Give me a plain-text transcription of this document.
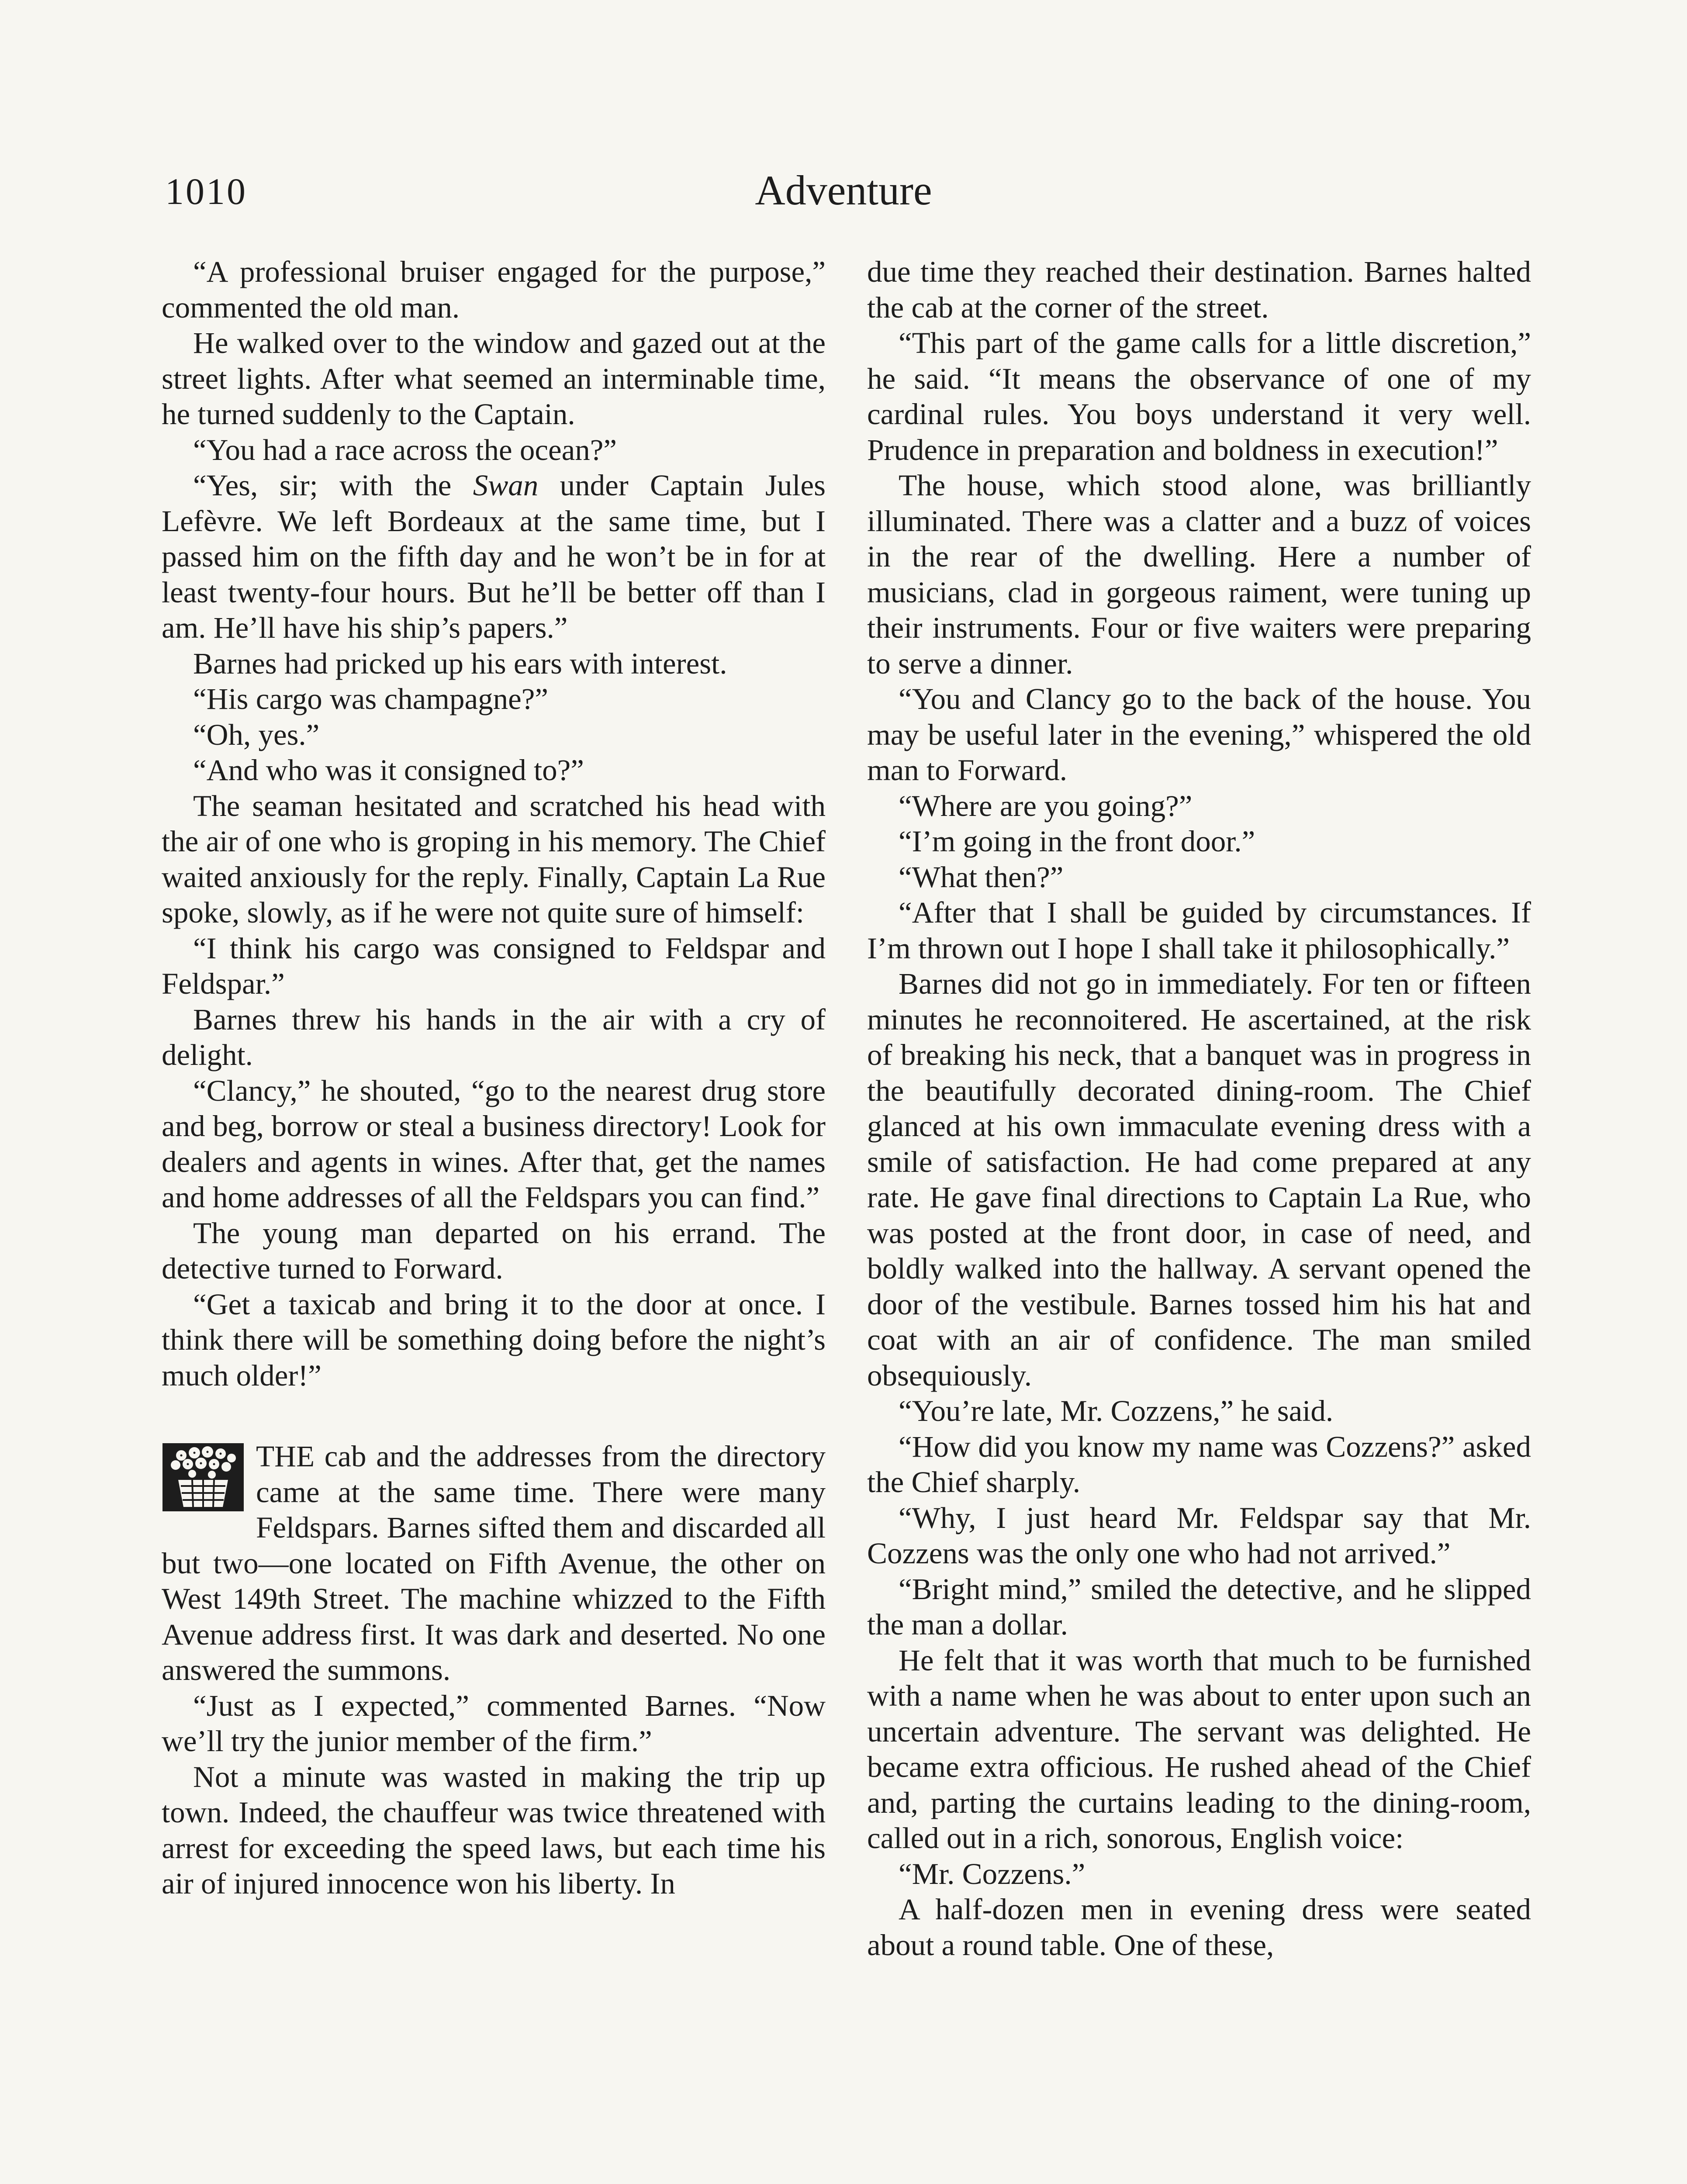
1010	Adventure

“A professional bruiser engaged for the purpose,” commented the old man.

He walked over to the window and gazed out at the street lights. After what seemed an interminable time, he turned suddenly to the Captain.

“You had a race across the ocean?”

“Yes, sir; with the Swan under Captain Jules Lefèvre. We left Bordeaux at the same time, but I passed him on the fifth day and he won’t be in for at least twenty-four hours. But he’ll be better off than I am. He’ll have his ship’s papers.”

Barnes had pricked up his ears with interest.

“His cargo was champagne?”

“Oh, yes.”

“And who was it consigned to?”

The seaman hesitated and scratched his head with the air of one who is groping in his memory. The Chief waited anxiously for the reply. Finally, Captain La Rue spoke, slowly, as if he were not quite sure of himself:

“I think his cargo was consigned to Feldspar and Feldspar.”

Barnes threw his hands in the air with a cry of delight.

“Clancy,” he shouted, “go to the nearest drug store and beg, borrow or steal a business directory! Look for dealers and agents in wines. After that, get the names and home addresses of all the Feldspars you can find.”

The young man departed on his errand. The detective turned to Forward.

“Get a taxicab and bring it to the door at once. I think there will be something doing before the night’s much older!”

THE cab and the addresses from the directory came at the same time. There were many Feldspars. Barnes sifted them and discarded all but two—one located on Fifth Avenue, the other on West 149th Street. The machine whizzed to the Fifth Avenue address first. It was dark and deserted. No one answered the summons.

“Just as I expected,” commented Barnes. “Now we’ll try the junior member of the firm.”

Not a minute was wasted in making the trip up town. Indeed, the chauffeur was twice threatened with arrest for exceeding the speed laws, but each time his air of injured innocence won his liberty. In

due time they reached their destination. Barnes halted the cab at the corner of the street.

“This part of the game calls for a little discretion,” he said. “It means the observance of one of my cardinal rules. You boys understand it very well. Prudence in preparation and boldness in execution!”

The house, which stood alone, was brilliantly illuminated. There was a clatter and a buzz of voices in the rear of the dwelling. Here a number of musicians, clad in gorgeous raiment, were tuning up their instruments. Four or five waiters were preparing to serve a dinner.

“You and Clancy go to the back of the house. You may be useful later in the evening,” whispered the old man to Forward.

“Where are you going?”

“I’m going in the front door.”

“What then?”

“After that I shall be guided by circumstances. If I’m thrown out I hope I shall take it philosophically.”

Barnes did not go in immediately. For ten or fifteen minutes he reconnoitered. He ascertained, at the risk of breaking his neck, that a banquet was in progress in the beautifully decorated dining-room. The Chief glanced at his own immaculate evening dress with a smile of satisfaction. He had come prepared at any rate. He gave final directions to Captain La Rue, who was posted at the front door, in case of need, and boldly walked into the hallway. A servant opened the door of the vestibule. Barnes tossed him his hat and coat with an air of confidence. The man smiled obsequiously.

“You’re late, Mr. Cozzens,” he said.

“How did you know my name was Cozzens?” asked the Chief sharply.

“Why, I just heard Mr. Feldspar say that Mr. Cozzens was the only one who had not arrived.”

“Bright mind,” smiled the detective, and he slipped the man a dollar.

He felt that it was worth that much to be furnished with a name when he was about to enter upon such an uncertain adventure. The servant was delighted. He became extra officious. He rushed ahead of the Chief and, parting the curtains leading to the dining-room, called out in a rich, sonorous, English voice:

“Mr. Cozzens.”

A half-dozen men in evening dress were seated about a round table. One of these,
